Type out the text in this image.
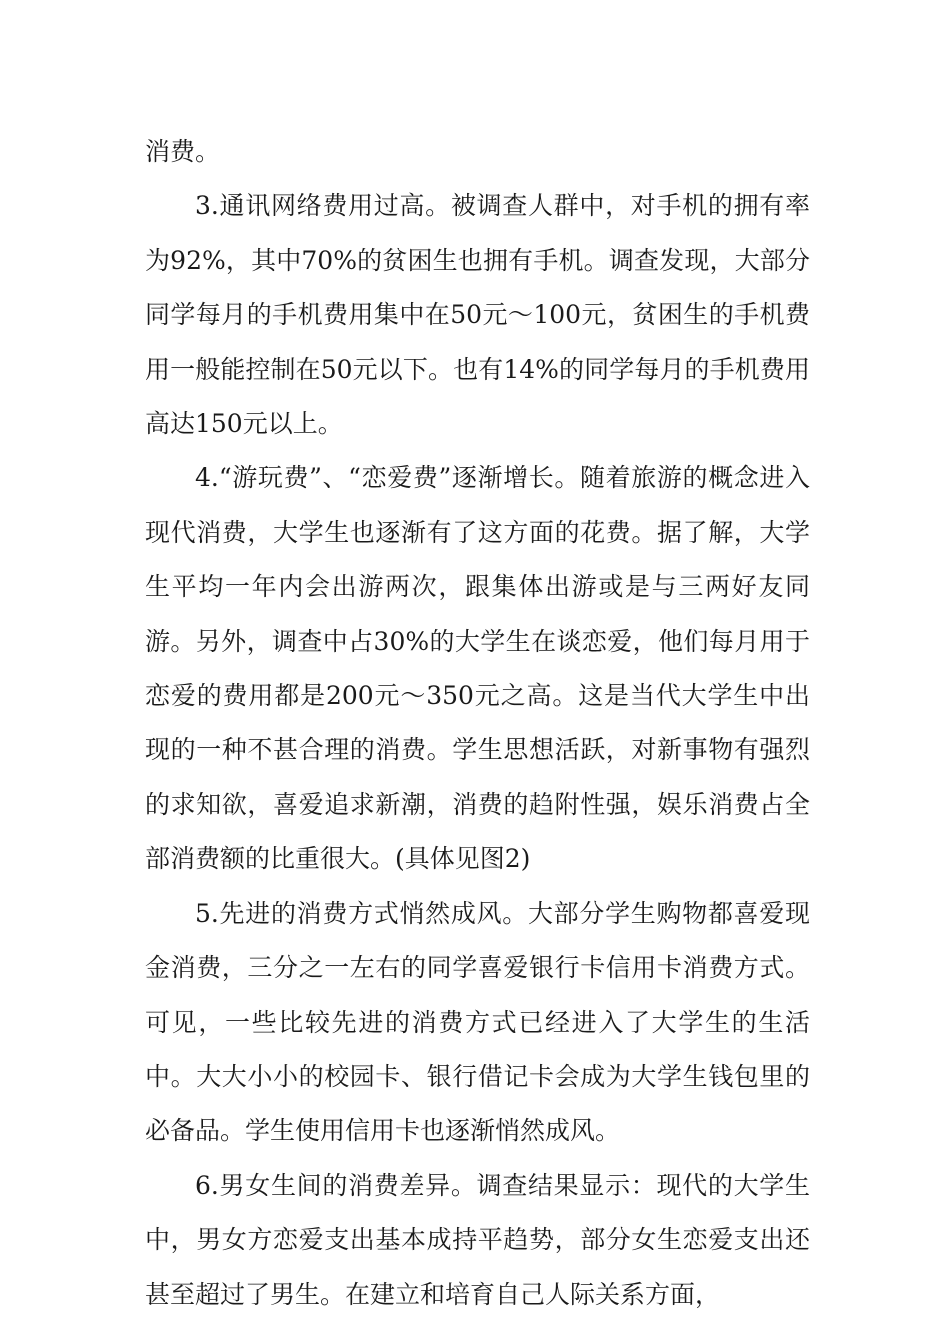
消费。

3.通讯网络费用过高。被调查人群中，对手机的拥有率为92%，其中70%的贫困生也拥有手机。调查发现，大部分同学每月的手机费用集中在50元～100元，贫困生的手机费用一般能控制在50元以下。也有14%的同学每月的手机费用高达150元以上。

4.“游玩费”、“恋爱费”逐渐增长。随着旅游的概念进入现代消费，大学生也逐渐有了这方面的花费。据了解，大学生平均一年内会出游两次，跟集体出游或是与三两好友同游。另外，调查中占30%的大学生在谈恋爱，他们每月用于恋爱的费用都是200元～350元之高。这是当代大学生中出现的一种不甚合理的消费。学生思想活跃，对新事物有强烈的求知欲，喜爱追求新潮，消费的趋附性强，娱乐消费占全部消费额的比重很大。(具体见图2)

5.先进的消费方式悄然成风。大部分学生购物都喜爱现金消费，三分之一左右的同学喜爱银行卡信用卡消费方式。可见，一些比较先进的消费方式已经进入了大学生的生活中。大大小小的校园卡、银行借记卡会成为大学生钱包里的必备品。学生使用信用卡也逐渐悄然成风。

6.男女生间的消费差异。调查结果显示：现代的大学生中，男女方恋爱支出基本成持平趋势，部分女生恋爱支出还甚至超过了男生。在建立和培育自己人际关系方面，
